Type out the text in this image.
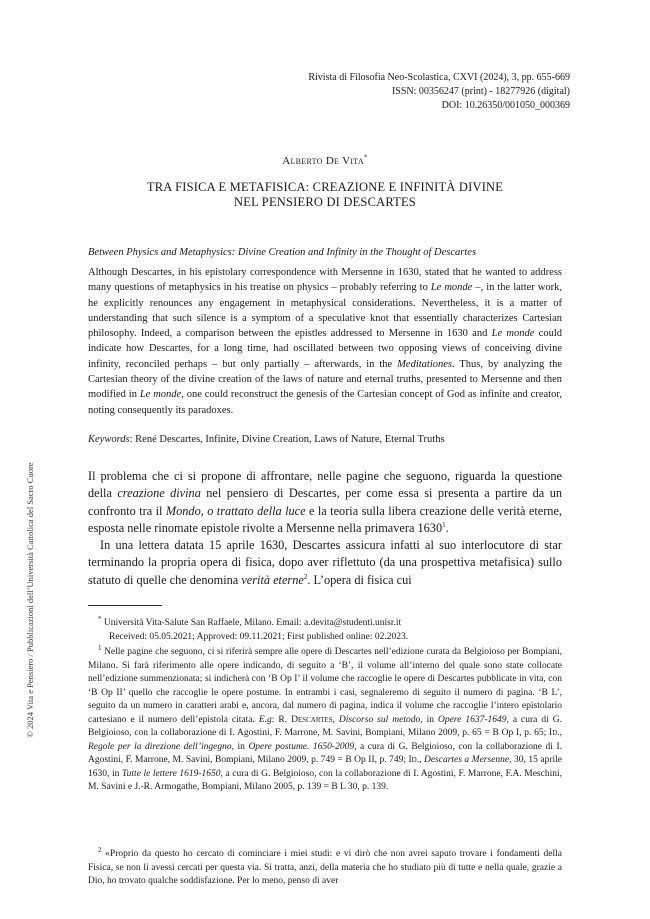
Rivista di Filosofia Neo-Scolastica, CXVI (2024), 3, pp. 655-669
ISSN: 00356247 (print) - 18277926 (digital)
DOI: 10.26350/001050_000369
Alberto De Vita*
TRA FISICA E METAFISICA: CREAZIONE E INFINITÀ DIVINE
NEL PENSIERO DI DESCARTES
Between Physics and Metaphysics: Divine Creation and Infinity in the Thought of Descartes

Although Descartes, in his epistolary correspondence with Mersenne in 1630, stated that he wanted to address many questions of metaphysics in his treatise on physics – probably referring to Le monde –, in the latter work, he explicitly renounces any engagement in metaphysical considerations. Nevertheless, it is a matter of understanding that such silence is a symptom of a speculative knot that essentially characterizes Cartesian philosophy. Indeed, a comparison between the epistles addressed to Mersenne in 1630 and Le monde could indicate how Descartes, for a long time, had oscillated between two opposing views of conceiving divine infinity, reconciled perhaps – but only partially – afterwards, in the Meditationes. Thus, by analyzing the Cartesian theory of the divine creation of the laws of nature and eternal truths, presented to Mersenne and then modified in Le monde, one could reconstruct the genesis of the Cartesian concept of God as infinite and creator, noting consequently its paradoxes.

Keywords: René Descartes, Infinite, Divine Creation, Laws of Nature, Eternal Truths

Il problema che ci si propone di affrontare, nelle pagine che seguono, riguarda la questione della creazione divina nel pensiero di Descartes, per come essa si presenta a partire da un confronto tra il Mondo, o trattato della luce e la teoria sulla libera creazione delle verità eterne, esposta nelle rinomate epistole rivolte a Mersenne nella primavera 1630$^1$.

In una lettera datata 15 aprile 1630, Descartes assicura infatti al suo interlocutore di star terminando la propria opera di fisica, dopo aver riflettuto (da una prospettiva metafisica) sullo statuto di quelle che denomina verità eterne$^2$. L’opera di fisica cui

* Università Vita-Salute San Raffaele, Milano. Email: a.devita@studenti.unisr.it
Received: 05.05.2021; Approved: 09.11.2021; First published online: 02.2023.

$^1$ Nelle pagine che seguono, ci si riferirà sempre alle opere di Descartes nell’edizione curata da Belgioioso per Bompiani, Milano. Si farà riferimento alle opere indicando, di seguito a ‘B’, il volume all’interno del quale sono state collocate nell’edizione summenzionata; si indicherà con ‘B Op I’ il volume che raccoglie le opere di Descartes pubblicate in vita, con ‘B Op II’ quello che raccoglie le opere postume. In entrambi i casi, segnaleremo di seguito il numero di pagina. ‘B L’, seguito da un numero in caratteri arabi e, ancora, dal numero di pagina, indica il volume che raccoglie l’intero epistolario cartesiano e il numero dell’epistola citata. E.g: R. Descartes, Discorso sul metodo, in Opere 1637-1649, a cura di G. Belgioioso, con la collaborazione di I. Agostini, F. Marrone, M. Savini, Bompiani, Milano 2009, p. 65 = B Op I, p. 65; Id., Regole per la direzione dell’ingegno, in Opere postume. 1650-2009, a cura di G. Belgioioso, con la collaborazione di I. Agostini, F. Marrone, M. Savini, Bompiani, Milano 2009, p. 749 = B Op II, p. 749; Id., Descartes a Mersenne, 30, 15 aprile 1630, in Tutte le lettere 1619-1650, a cura di G. Belgioioso, con la collaborazione di I. Agostini, F. Marrone, F.A. Meschini, M. Savini e J.-R. Armogathe, Bompiani, Milano 2005, p. 139 = B L 30, p. 139.

$^2$ «Proprio da questo ho cercato di cominciare i miei studi: e vi dirò che non avrei saputo trovare i fondamenti della Fisica, se non li avessi cercati per questa via. Si tratta, anzi, della materia che ho studiato più di tutte e nella quale, grazie a Dio, ho trovato qualche soddisfazione. Per lo meno, penso di aver

© 2024 Vita e Pensiero / Pubblicazioni dell’Università Cattolica del Sacro Cuore
